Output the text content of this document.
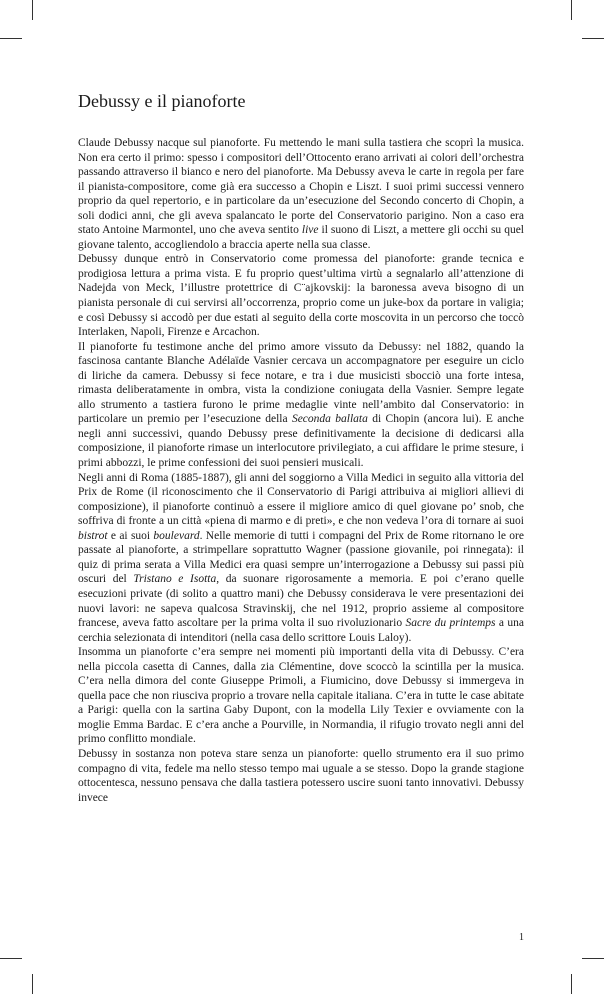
Debussy e il pianoforte

Claude Debussy nacque sul pianoforte. Fu mettendo le mani sulla tastiera che scoprì la musica. Non era certo il primo: spesso i compositori dell’Ottocento erano arrivati ai colori dell’orchestra passando attraverso il bianco e nero del pianoforte. Ma Debussy aveva le carte in regola per fare il pianista-compositore, come già era successo a Chopin e Liszt. I suoi primi successi vennero proprio da quel repertorio, e in particolare da un’esecuzione del Secondo concerto di Chopin, a soli dodici anni, che gli aveva spalancato le porte del Conservatorio parigino. Non a caso era stato Antoine Marmontel, uno che aveva sentito live il suono di Liszt, a mettere gli occhi su quel giovane talento, accogliendolo a braccia aperte nella sua classe.

Debussy dunque entrò in Conservatorio come promessa del pianoforte: grande tecnica e prodigiosa lettura a prima vista. E fu proprio quest’ultima virtù a segnalarlo all’attenzione di Nadejda von Meck, l’illustre protettrice di C¨ajkovskij: la baronessa aveva bisogno di un pianista personale di cui servirsi all’occorrenza, proprio come un juke-box da portare in valigia; e così Debussy si accodò per due estati al seguito della corte moscovita in un percorso che toccò Interlaken, Napoli, Firenze e Arcachon.

Il pianoforte fu testimone anche del primo amore vissuto da Debussy: nel 1882, quando la fascinosa cantante Blanche Adélaïde Vasnier cercava un accompagnatore per eseguire un ciclo di liriche da camera. Debussy si fece notare, e tra i due musicisti sbocciò una forte intesa, rimasta deliberatamente in ombra, vista la condizione coniugata della Vasnier. Sempre legate allo strumento a tastiera furono le prime medaglie vinte nell’ambito dal Conservatorio: in particolare un premio per l’esecuzione della Seconda ballata di Chopin (ancora lui). E anche negli anni successivi, quando Debussy prese definitivamente la decisione di dedicarsi alla composizione, il pianoforte rimase un interlocutore privilegiato, a cui affidare le prime stesure, i primi abbozzi, le prime confessioni dei suoi pensieri musicali.

Negli anni di Roma (1885-1887), gli anni del soggiorno a Villa Medici in seguito alla vittoria del Prix de Rome (il riconoscimento che il Conservatorio di Parigi attribuiva ai migliori allievi di composizione), il pianoforte continuò a essere il migliore amico di quel giovane po’ snob, che soffriva di fronte a un città «piena di marmo e di preti», e che non vedeva l’ora di tornare ai suoi bistrot e ai suoi boulevard. Nelle memorie di tutti i compagni del Prix de Rome ritornano le ore passate al pianoforte, a strimpellare soprattutto Wagner (passione giovanile, poi rinnegata): il quiz di prima serata a Villa Medici era quasi sempre un’interrogazione a Debussy sui passi più oscuri del Tristano e Isotta, da suonare rigorosamente a memoria. E poi c’erano quelle esecuzioni private (di solito a quattro mani) che Debussy considerava le vere presentazioni dei nuovi lavori: ne sapeva qualcosa Stravinskij, che nel 1912, proprio assieme al compositore francese, aveva fatto ascoltare per la prima volta il suo rivoluzionario Sacre du printemps a una cerchia selezionata di intenditori (nella casa dello scrittore Louis Laloy).

Insomma un pianoforte c’era sempre nei momenti più importanti della vita di Debussy. C’era nella piccola casetta di Cannes, dalla zia Clémentine, dove scoccò la scintilla per la musica. C’era nella dimora del conte Giuseppe Primoli, a Fiumicino, dove Debussy si immergeva in quella pace che non riusciva proprio a trovare nella capitale italiana. C’era in tutte le case abitate a Parigi: quella con la sartina Gaby Dupont, con la modella Lily Texier e ovviamente con la moglie Emma Bardac. E c’era anche a Pourville, in Normandia, il rifugio trovato negli anni del primo conflitto mondiale.

Debussy in sostanza non poteva stare senza un pianoforte: quello strumento era il suo primo compagno di vita, fedele ma nello stesso tempo mai uguale a se stesso. Dopo la grande stagione ottocentesca, nessuno pensava che dalla tastiera potessero uscire suoni tanto innovativi. Debussy invece

1
